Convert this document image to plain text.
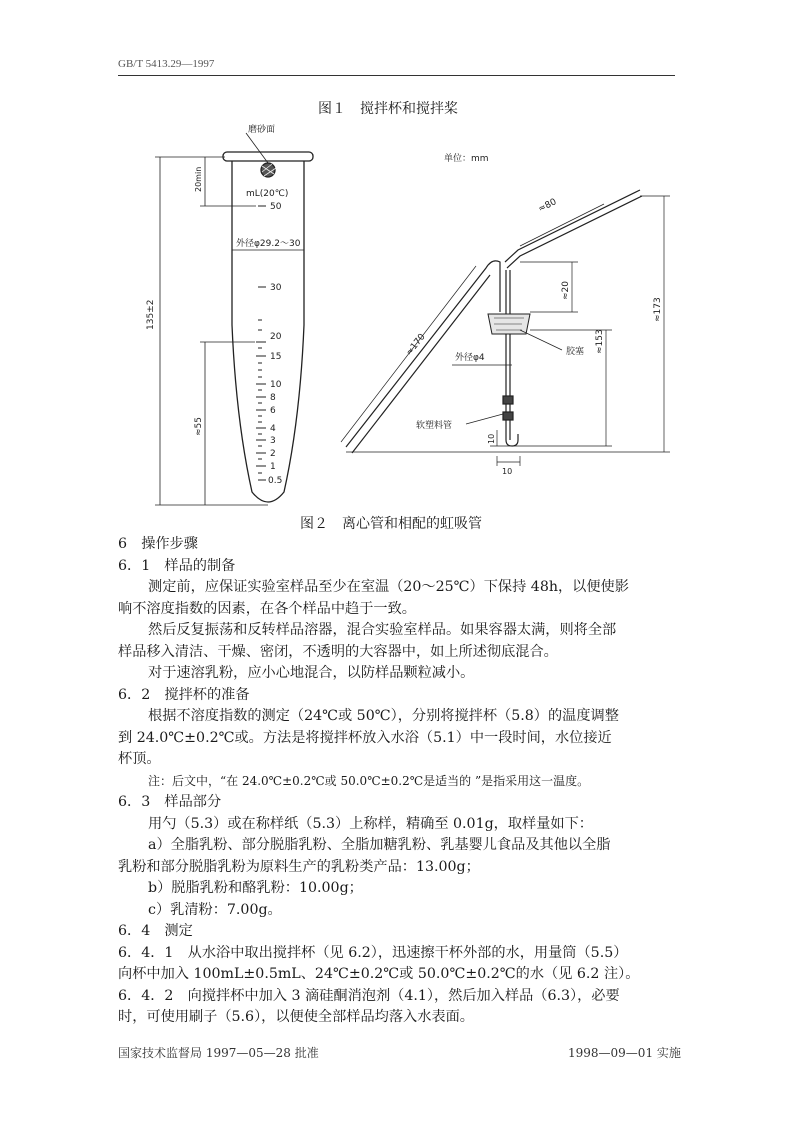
GB/T 5413.29—1997
图１　搅拌杯和搅拌桨
磨砂面
mL(20℃)
外径φ29.2～30
50
30
20
15
10
8
6
4
3
2
1
0.5
135±2
20min
≈55
单位：mm
胶塞
外径φ4
软塑料管
≈80
≈20
≈170	≈153
≈173
10
10
图２　离心管和相配的虹吸管

6　操作步骤

6．1　样品的制备

测定前，应保证实验室样品至少在室温（20～25℃）下保持 48h，以便使影

响不溶度指数的因素，在各个样品中趋于一致。

然后反复振荡和反转样品溶器，混合实验室样品。如果容器太满，则将全部

样品移入清洁、干燥、密闭，不透明的大容器中，如上所述彻底混合。

对于速溶乳粉，应小心地混合，以防样品颗粒减小。

6．2　搅拌杯的准备

根据不溶度指数的测定（24℃或 50℃），分别将搅拌杯（5.8）的温度调整

到 24.0℃±0.2℃或。方法是将搅拌杯放入水浴（5.1）中一段时间，水位接近

杯顶。

注：后文中，“在 24.0℃±0.2℃或 50.0℃±0.2℃是适当的 ”是指采用这一温度。

6．3　样品部分

用勺（5.3）或在称样纸（5.3）上称样，精确至 0.01g，取样量如下：

a）全脂乳粉、部分脱脂乳粉、全脂加糖乳粉、乳基婴儿食品及其他以全脂

乳粉和部分脱脂乳粉为原料生产的乳粉类产品：13.00g；

b）脱脂乳粉和酪乳粉：10.00g；

c）乳清粉：7.00g。

6．4　测定

6．4．1　从水浴中取出搅拌杯（见 6.2），迅速擦干杯外部的水，用量筒（5.5）

向杯中加入 100mL±0.5mL、24℃±0.2℃或 50.0℃±0.2℃的水（见 6.2 注）。

6．4．2　向搅拌杯中加入 3 滴硅酮消泡剂（4.1），然后加入样品（6.3），必要

时，可使用刷子（5.6），以便使全部样品均落入水表面。

国家技术监督局 1997—05—28 批准	1998—09—01 实施
